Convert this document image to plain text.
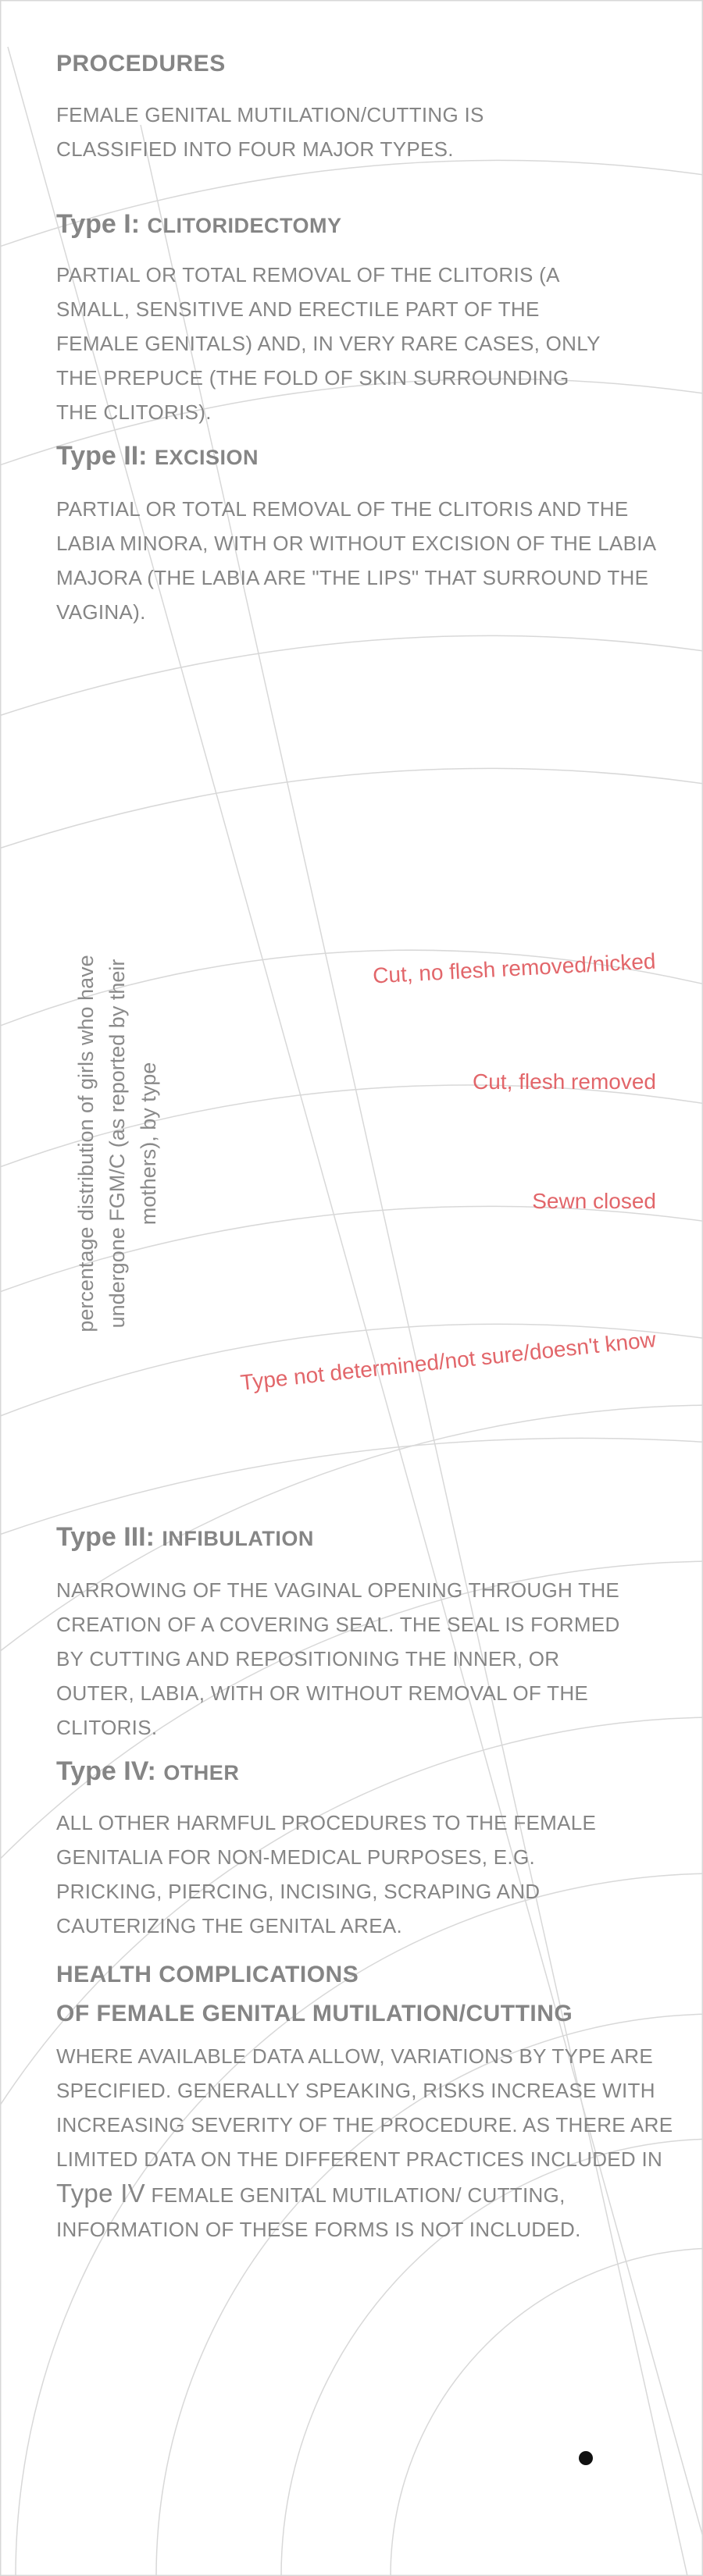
PROCEDURES

FEMALE GENITAL MUTILATION/CUTTING IS CLASSIFIED INTO FOUR MAJOR TYPES.

Type I: CLITORIDECTOMY

PARTIAL OR TOTAL REMOVAL OF THE CLITORIS (A SMALL, SENSITIVE AND ERECTILE PART OF THE FEMALE GENITALS) AND, IN VERY RARE CASES, ONLY THE PREPUCE (THE FOLD OF SKIN SURROUNDING THE CLITORIS).

Type II: EXCISION

PARTIAL OR TOTAL REMOVAL OF THE CLITORIS AND THE LABIA MINORA, WITH OR WITHOUT EXCISION OF THE LABIA MAJORA (THE LABIA ARE "THE LIPS" THAT SURROUND THE VAGINA).

percentage distribution of girls who have undergone FGM/C (as reported by their mothers), by type
Cut, no flesh removed/nicked
Cut, flesh removed
Sewn closed
Type not determined/not sure/doesn't know
Type III: INFIBULATION

NARROWING OF THE VAGINAL OPENING THROUGH THE CREATION OF A COVERING SEAL. THE SEAL IS FORMED BY CUTTING AND REPOSITIONING THE INNER, OR OUTER, LABIA, WITH OR WITHOUT REMOVAL OF THE CLITORIS.

Type IV: OTHER

ALL OTHER HARMFUL PROCEDURES TO THE FEMALE GENITALIA FOR NON-MEDICAL PURPOSES, E.G. PRICKING, PIERCING, INCISING, SCRAPING AND CAUTERIZING THE GENITAL AREA.

HEALTH COMPLICATIONS
OF FEMALE GENITAL MUTILATION/CUTTING

WHERE AVAILABLE DATA ALLOW, VARIATIONS BY TYPE ARE SPECIFIED. GENERALLY SPEAKING, RISKS INCREASE WITH INCREASING SEVERITY OF THE PROCEDURE. AS THERE ARE LIMITED DATA ON THE DIFFERENT PRACTICES INCLUDED IN Type IV FEMALE GENITAL MUTILATION/ CUTTING, INFORMATION OF THESE FORMS IS NOT INCLUDED.
